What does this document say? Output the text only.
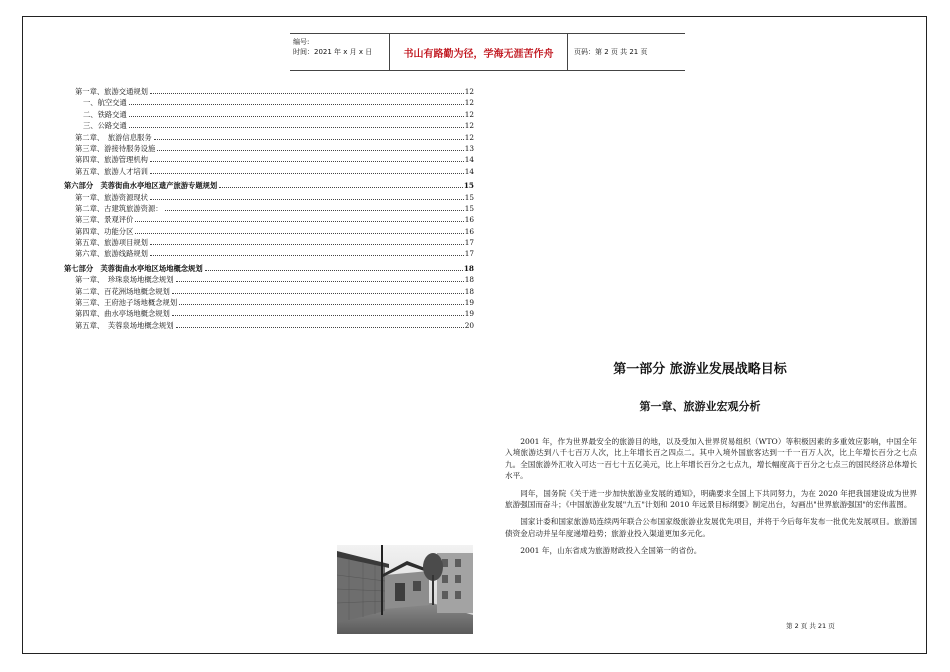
编号:
时间：2021 年 x 月 x 日	书山有路勤为径，学海无涯苦作舟	页码：第 2 页 共 21 页
第一章、旅游交通规划	12
一、航空交通	12
二、铁路交通	12
三、公路交通	12
第二章、　旅游信息服务	12
第三章、游接待服务设施	13
第四章、旅游管理机构	14
第五章、旅游人才培训	14
第六部分　芙蓉街曲水亭地区遗产旅游专题规划	15
第一章、旅游资源现状	15
第二章、古建筑旅游资源：	15
第三章、景观评价	16
第四章、功能分区	16
第五章、旅游项目规划	17
第六章、旅游线路规划	17
第七部分　芙蓉街曲水亭地区场地概念规划	18
第一章、　珍珠泉场地概念规划	18
第二章、百花洲场地概念规划	18
第三章、王府池子场地概念规划	19
第四章、曲水亭场地概念规划	19
第五章、　芙蓉泉场地概念规划	20
第一部分 旅游业发展战略目标
第一章、旅游业宏观分析

2001 年，作为世界最安全的旅游目的地，以及受加入世界贸易组织（WTO）等积极因素的多重效应影响，中国全年入境旅游达到八千七百万人次，比上年增长百之四点二。其中入境外国旅客达到一千一百万人次，比上年增长百分之七点九。全国旅游外汇收入可达一百七十五亿美元，比上年增长百分之七点九，增长幅度高于百分之七点三的国民经济总体增长水平。

同年，国务院《关于进一步加快旅游业发展的通知》，明确要求全国上下共同努力，为在 2020 年把我国建设成为世界旅游强国而奋斗；《中国旅游业发展"九五"计划和 2010 年远景目标纲要》制定出台，勾画出"世界旅游强国"的宏伟蓝图。

国家计委和国家旅游局连续两年联合公布国家级旅游业发展优先项目，并将于今后每年发布一批优先发展项目。旅游国债资金启动并呈年度递增趋势；旅游业投入渠道更加多元化。

2001 年，山东省成为旅游财政投入全国第一的省份。

第 2 页 共 21 页
